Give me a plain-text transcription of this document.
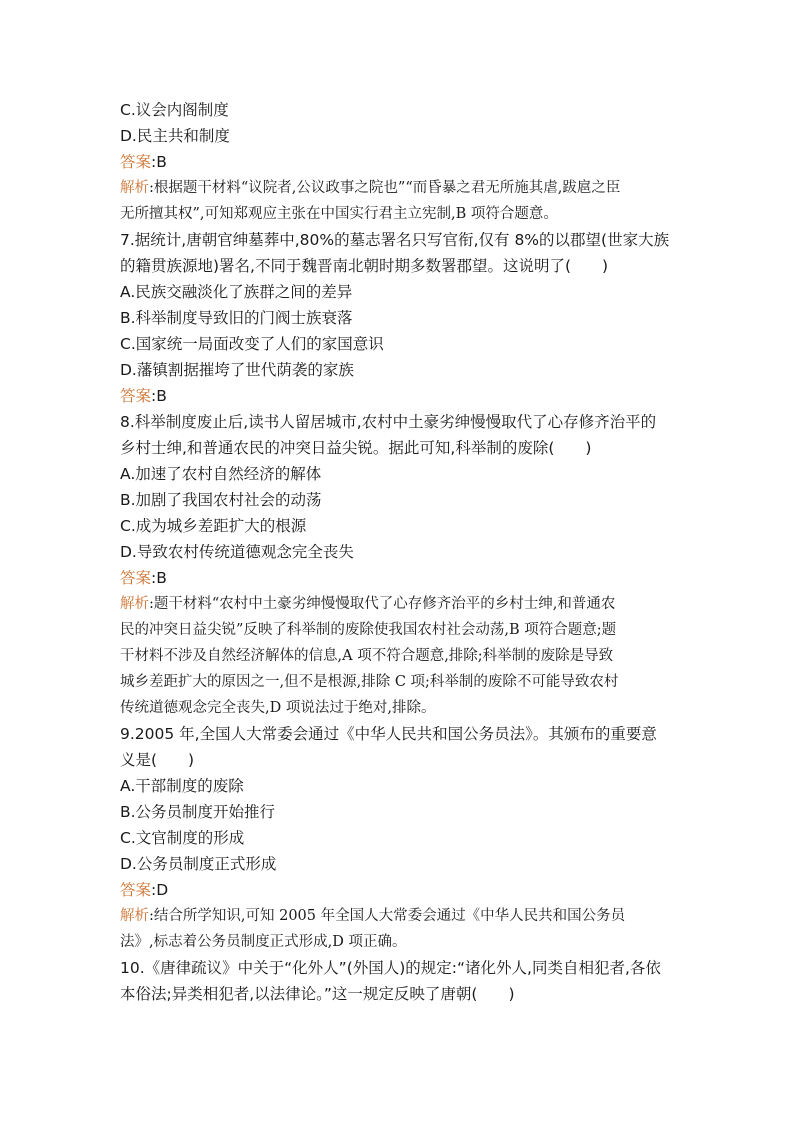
C.议会内阁制度
D.民主共和制度
答案:B
解析:根据题干材料“议院者,公议政事之院也”“而昏暴之君无所施其虐,跋扈之臣
无所擅其权”,可知郑观应主张在中国实行君主立宪制,B 项符合题意。
7.据统计,唐朝官绅墓葬中,80%的墓志署名只写官衔,仅有 8%的以郡望(世家大族
的籍贯族源地)署名,不同于魏晋南北朝时期多数署郡望。这说明了(　　)
A.民族交融淡化了族群之间的差异
B.科举制度导致旧的门阀士族衰落
C.国家统一局面改变了人们的家国意识
D.藩镇割据摧垮了世代荫袭的家族
答案:B
8.科举制度废止后,读书人留居城市,农村中土豪劣绅慢慢取代了心存修齐治平的
乡村士绅,和普通农民的冲突日益尖锐。据此可知,科举制的废除(　　)
A.加速了农村自然经济的解体
B.加剧了我国农村社会的动荡
C.成为城乡差距扩大的根源
D.导致农村传统道德观念完全丧失
答案:B
解析:题干材料“农村中土豪劣绅慢慢取代了心存修齐治平的乡村士绅,和普通农
民的冲突日益尖锐”反映了科举制的废除使我国农村社会动荡,B 项符合题意;题
干材料不涉及自然经济解体的信息,A 项不符合题意,排除;科举制的废除是导致
城乡差距扩大的原因之一,但不是根源,排除 C 项;科举制的废除不可能导致农村
传统道德观念完全丧失,D 项说法过于绝对,排除。
9.2005 年,全国人大常委会通过《中华人民共和国公务员法》。其颁布的重要意
义是(　　)
A.干部制度的废除
B.公务员制度开始推行
C.文官制度的形成
D.公务员制度正式形成
答案:D
解析:结合所学知识,可知 2005 年全国人大常委会通过《中华人民共和国公务员
法》,标志着公务员制度正式形成,D 项正确。
10.《唐律疏议》中关于“化外人”(外国人)的规定:“诸化外人,同类自相犯者,各依
本俗法;异类相犯者,以法律论。”这一规定反映了唐朝(　　)
